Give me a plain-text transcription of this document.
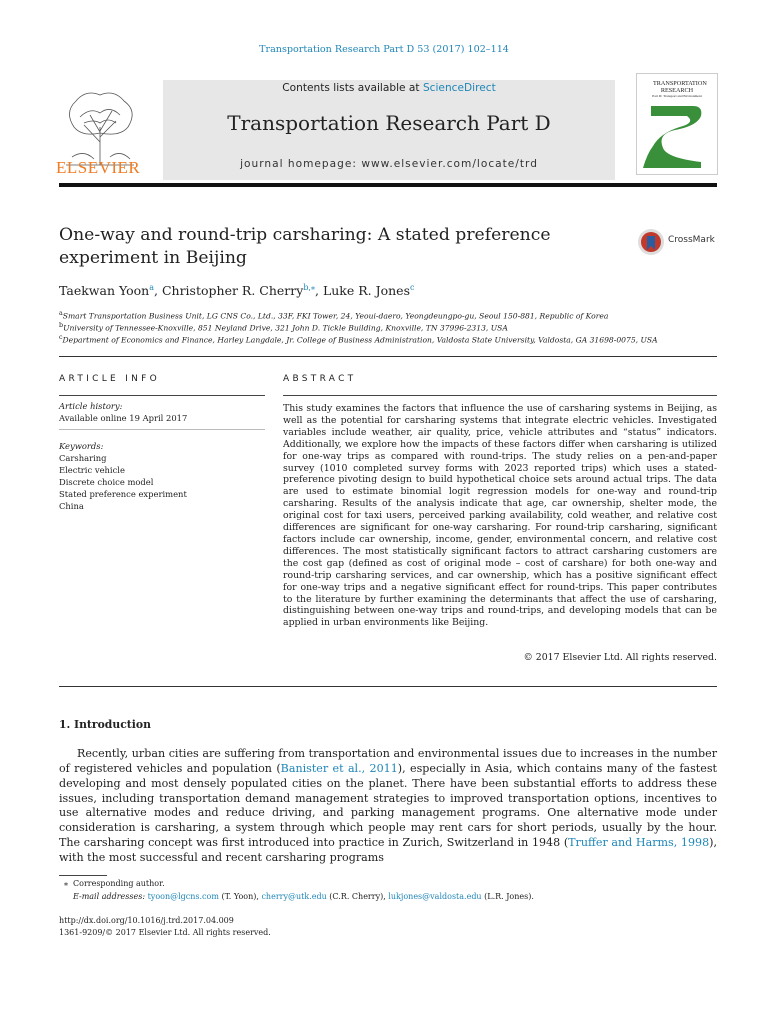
Transportation Research Part D 53 (2017) 102–114
Contents lists available at ScienceDirect
Transportation Research Part D
journal homepage: www.elsevier.com/locate/trd
ELSEVIER
TRANSPORTATION RESEARCH
Part D: Transport and Environment
One-way and round-trip carsharing: A stated preference experiment in Beijing
CrossMark
Taekwan Yoon$^a$, Christopher R. Cherry$^{b,⁎}$, Luke R. Jones$^c$
$^a$Smart Transportation Business Unit, LG CNS Co., Ltd., 33F, FKI Tower, 24, Yeoui-daero, Yeongdeungpo-gu, Seoul 150-881, Republic of Korea
$^b$University of Tennessee-Knoxville, 851 Neyland Drive, 321 John D. Tickle Building, Knoxville, TN 37996-2313, USA
$^c$Department of Economics and Finance, Harley Langdale, Jr. College of Business Administration, Valdosta State University, Valdosta, GA 31698-0075, USA
ARTICLE INFO
Article history:
Available online 19 April 2017
Keywords:
Carsharing
Electric vehicle
Discrete choice model
Stated preference experiment
China
ABSTRACT
This study examines the factors that influence the use of carsharing systems in Beijing, as well as the potential for carsharing systems that integrate electric vehicles. Investigated variables include weather, air quality, price, vehicle attributes and “status” indicators. Additionally, we explore how the impacts of these factors differ when carsharing is utilized for one-way trips as compared with round-trips. The study relies on a pen-and-paper survey (1010 completed survey forms with 2023 reported trips) which uses a stated-preference pivoting design to build hypothetical choice sets around actual trips. The data are used to estimate binomial logit regression models for one-way and round-trip carsharing. Results of the analysis indicate that age, car ownership, shelter mode, the original cost for taxi users, perceived parking availability, cold weather, and relative cost differences are significant for one-way carsharing. For round-trip carsharing, significant factors include car ownership, income, gender, environmental concern, and relative cost differences. The most statistically significant factors to attract carsharing customers are the cost gap (defined as cost of original mode – cost of carshare) for both one-way and round-trip carsharing services, and car ownership, which has a positive significant effect for one-way trips and a negative significant effect for round-trips. This paper contributes to the literature by further examining the determinants that affect the use of carsharing, distinguishing between one-way trips and round-trips, and developing models that can be applied in urban environments like Beijing.
© 2017 Elsevier Ltd. All rights reserved.
1. Introduction
Recently, urban cities are suffering from transportation and environmental issues due to increases in the number of registered vehicles and population (Banister et al., 2011), especially in Asia, which contains many of the fastest developing and most densely populated cities on the planet. There have been substantial efforts to address these issues, including transportation demand management strategies to improved transportation options, incentives to use alternative modes and reduce driving, and parking management programs. One alternative mode under consideration is carsharing, a system through which people may rent cars for short periods, usually by the hour. The carsharing concept was first introduced into practice in Zurich, Switzerland in 1948 (Truffer and Harms, 1998), with the most successful and recent carsharing programs
⁎ Corresponding author.
E-mail addresses: tyoon@lgcns.com (T. Yoon), cherry@utk.edu (C.R. Cherry), lukjones@valdosta.edu (L.R. Jones).
http://dx.doi.org/10.1016/j.trd.2017.04.009
1361-9209/© 2017 Elsevier Ltd. All rights reserved.
